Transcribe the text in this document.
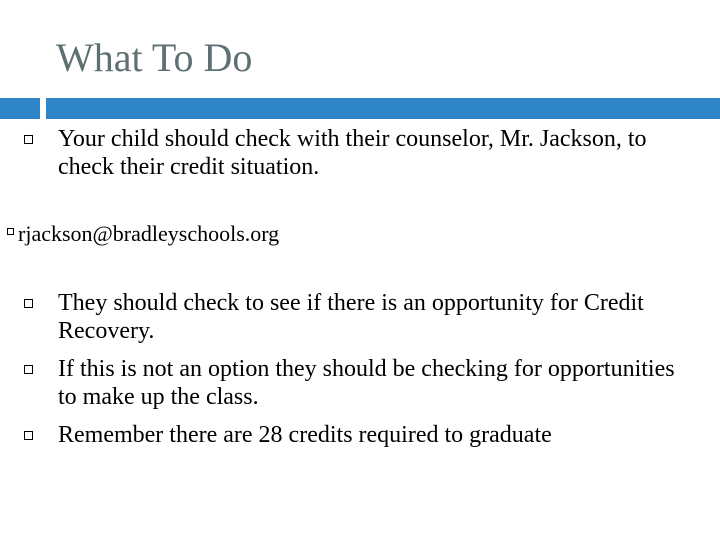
What To Do
Your child should check with their counselor, Mr. Jackson, to check their credit situation.
rjackson@bradleyschools.org
They should check to see if there is an opportunity for Credit Recovery.
If this is not an option they should be checking for opportunities to make up the class.
Remember there are 28 credits required to graduate
